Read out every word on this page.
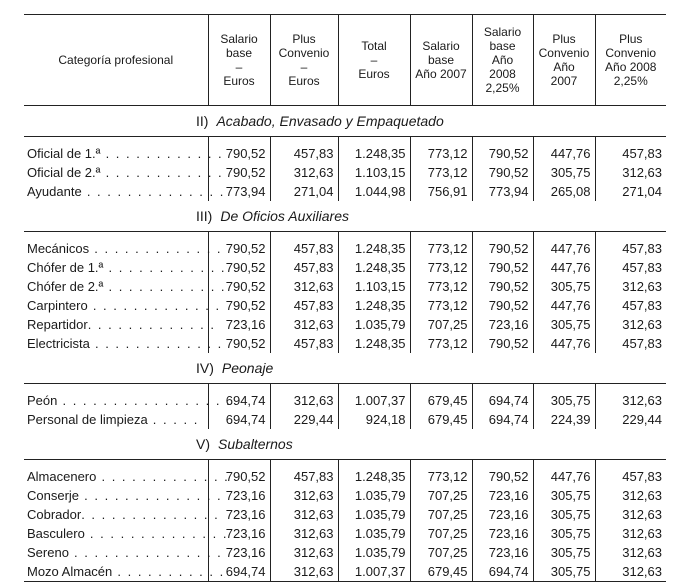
Categoría profesional	Salario
base
–
Euros	Plus
Convenio
–
Euros	Total
–
Euros	Salario
base
Año 2007	Salario
base
Año
2008
2,25%	Plus
Convenio
Año
2007	Plus
Convenio
Año 2008
2,25%
II) Acabado, Envasado y Empaquetado							

Oficial de 1.ª . . . . . . . . . . . .	790,52	457,83	1.248,35	773,12	790,52	447,76	457,83
Oficial de 2.ª . . . . . . . . . . . .	790,52	312,63	1.103,15	773,12	790,52	305,75	312,63
Ayudante . . . . . . . . . . . . . .	773,94	271,04	1.044,98	756,91	773,94	265,08	271,04
III) De Oficios Auxiliares							

Mecánicos . . . . . . . . . . . . .	790,52	457,83	1.248,35	773,12	790,52	447,76	457,83
Chófer de 1.ª . . . . . . . . . . . .	790,52	457,83	1.248,35	773,12	790,52	447,76	457,83
Chófer de 2.ª . . . . . . . . . . . .	790,52	312,63	1.103,15	773,12	790,52	305,75	312,63
Carpintero . . . . . . . . . . . . .	790,52	457,83	1.248,35	773,12	790,52	447,76	457,83
Repartidor. . . . . . . . . . . . .	723,16	312,63	1.035,79	707,25	723,16	305,75	312,63
Electricista . . . . . . . . . . . . .	790,52	457,83	1.248,35	773,12	790,52	447,76	457,83
IV) Peonaje							

Peón . . . . . . . . . . . . . . . . .	694,74	312,63	1.007,37	679,45	694,74	305,75	312,63
Personal de limpieza . . . . .	694,74	229,44	924,18	679,45	694,74	224,39	229,44
V) Subalternos							

Almacenero . . . . . . . . . . . . .	790,52	457,83	1.248,35	773,12	790,52	447,76	457,83
Conserje . . . . . . . . . . . . . .	723,16	312,63	1.035,79	707,25	723,16	305,75	312,63
Cobrador. . . . . . . . . . . . . .	723,16	312,63	1.035,79	707,25	723,16	305,75	312,63
Basculero . . . . . . . . . . . . . .	723,16	312,63	1.035,79	707,25	723,16	305,75	312,63
Sereno . . . . . . . . . . . . . . .	723,16	312,63	1.035,79	707,25	723,16	305,75	312,63
Mozo Almacén . . . . . . . . . . .	694,74	312,63	1.007,37	679,45	694,74	305,75	312,63
